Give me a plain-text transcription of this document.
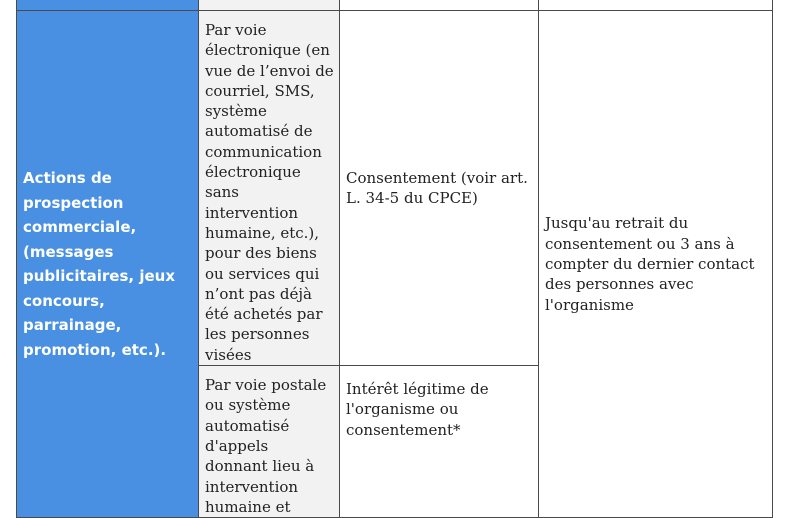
Actions de prospection commerciale, (messages publicitaires, jeux concours, parrainage, promotion, etc.).	Par voie électronique (en vue de l’envoi de courriel, SMS, système automatisé de communication électronique sans intervention humaine, etc.), pour des biens ou services qui n’ont pas déjà été achetés par les personnes visées	Consentement (voir art. L. 34-5 du CPCE)	Jusqu'au retrait du consentement ou 3 ans à compter du dernier contact des personnes avec l'organisme

	Par voie postale ou système automatisé d'appels donnant lieu à intervention humaine et	Intérêt légitime de l'organisme ou consentement*	
